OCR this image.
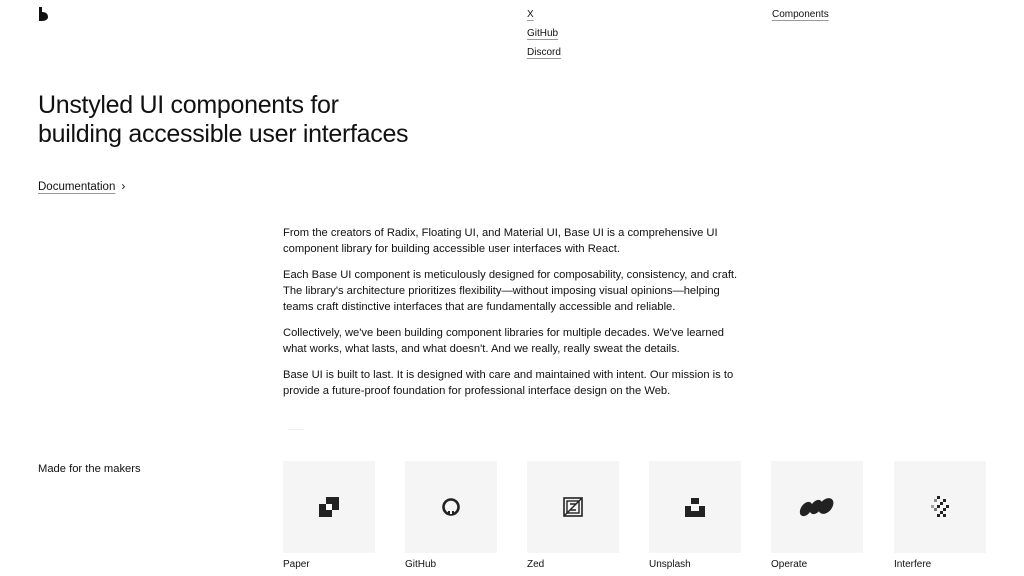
X
GitHub
Discord
Components
Unstyled UI components for
building accessible user interfaces
Documentation ›

From the creators of Radix, Floating UI, and Material UI, Base UI is a comprehensive UI component library for building accessible user interfaces with React.

Each Base UI component is meticulously designed for composability, consistency, and craft. The library's architecture prioritizes flexibility—without imposing visual opinions—helping teams craft distinctive interfaces that are fundamentally accessible and reliable.

Collectively, we've been building component libraries for multiple decades. We've learned what works, what lasts, and what doesn't. And we really, really sweat the details.

Base UI is built to last. It is designed with care and maintained with intent. Our mission is to provide a future-proof foundation for professional interface design on the Web.

Made for the makers
Paper	GitHub	Zed	Unsplash	Operate	Interfere
